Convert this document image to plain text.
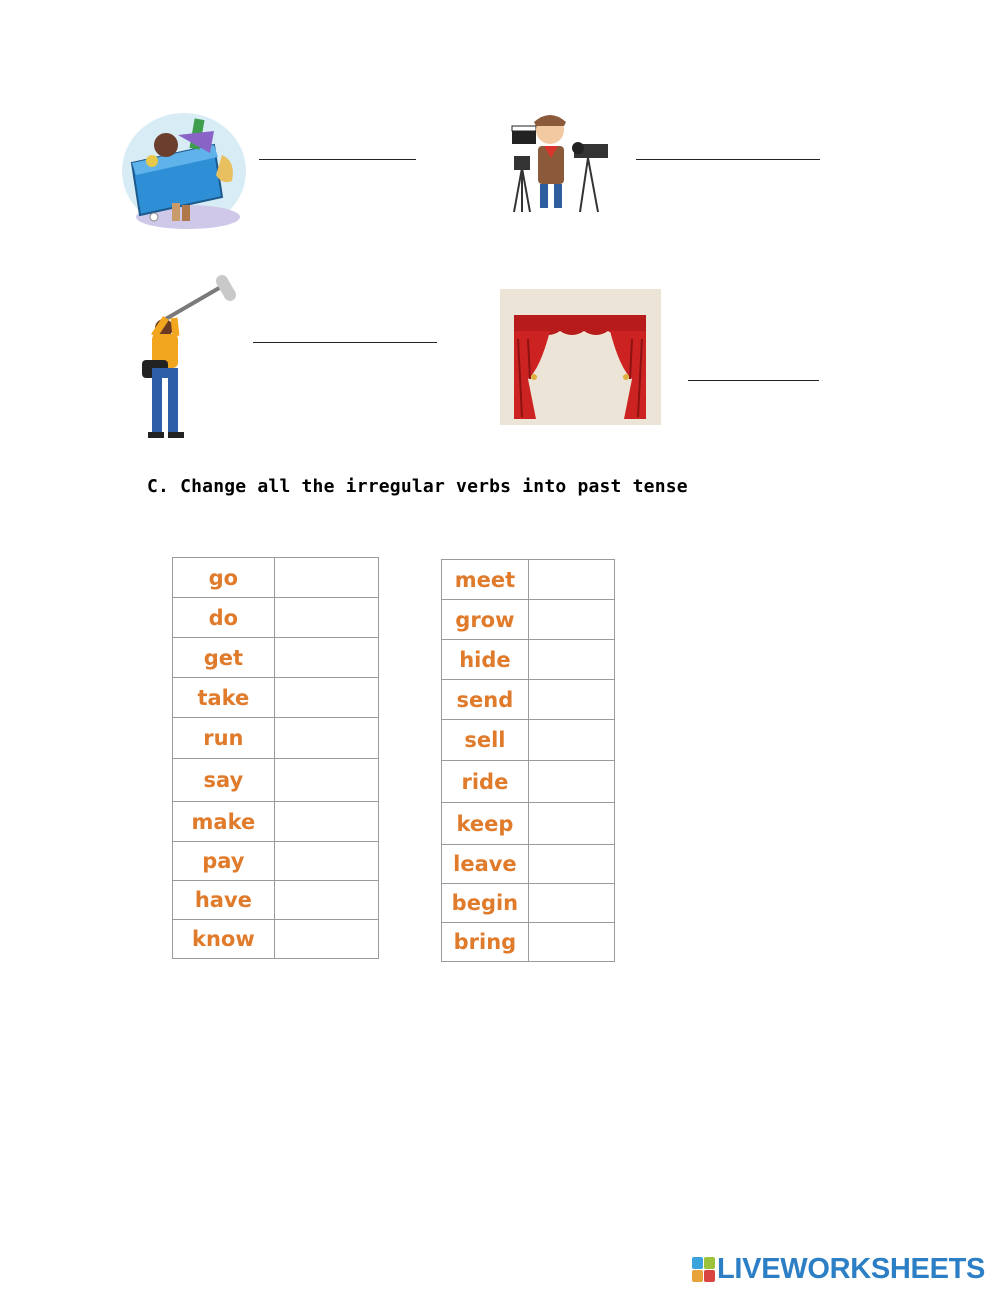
C. Change all the irregular verbs into past tense
go	
do	
get	
take	
run	
say	
make	
pay	
have	
know	
meet	
grow	
hide	
send	
sell	
ride	
keep	
leave	
begin	
bring	
LIVEWORKSHEETS
